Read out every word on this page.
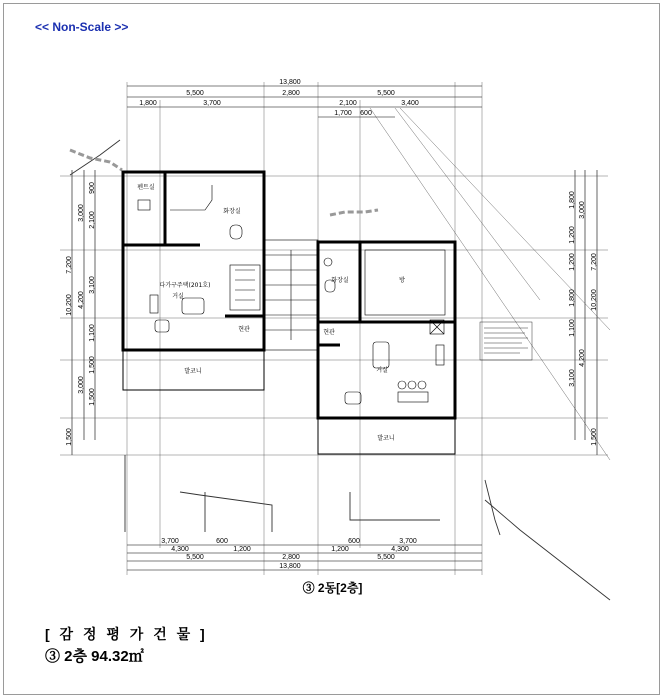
<< Non-Scale >>
13,800
5,500	2,800	5,500
1,800	3,700	2,100	3,400
1,700 600
3,700	600	600	3,700
4,300	1,200	1,200	4,300
5,500	2,800	5,500
13,800
900
2,100
3,100
1,100
1,500
1,500
3,000
4,200
3,000
7,200
10,200
1,500
1,800
1,200
1,200
1,800
1,100
3,100
3,000
4,200
7,200
10,200
1,500
펜트실
화장실
다가구주택(201호)
거실
현관
발코니
화장실	방
현관
거실
발코니
③ 2동[2층]
[ 감 정 평 가 건 물 ]
③ 2층 94.32㎡
